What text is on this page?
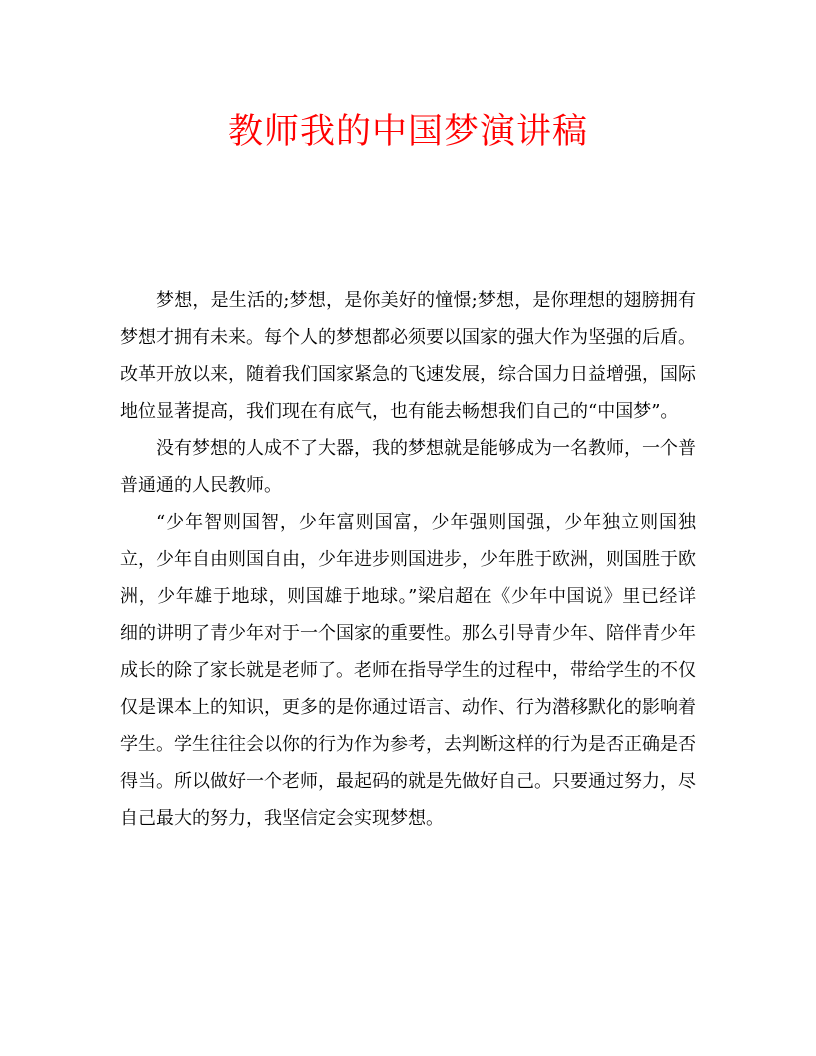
教师我的中国梦演讲稿

梦想，是生活的;梦想，是你美好的憧憬;梦想，是你理想的翅膀拥有梦想才拥有未来。每个人的梦想都必须要以国家的强大作为坚强的后盾。改革开放以来，随着我们国家紧急的飞速发展，综合国力日益增强，国际地位显著提高，我们现在有底气，也有能去畅想我们自己的“中国梦”。

没有梦想的人成不了大器，我的梦想就是能够成为一名教师，一个普普通通的人民教师。

“少年智则国智，少年富则国富，少年强则国强，少年独立则国独立，少年自由则国自由，少年进步则国进步，少年胜于欧洲，则国胜于欧洲，少年雄于地球，则国雄于地球。”梁启超在《少年中国说》里已经详细的讲明了青少年对于一个国家的重要性。那么引导青少年、陪伴青少年成长的除了家长就是老师了。老师在指导学生的过程中，带给学生的不仅仅是课本上的知识，更多的是你通过语言、动作、行为潜移默化的影响着学生。学生往往会以你的行为作为参考，去判断这样的行为是否正确是否得当。所以做好一个老师，最起码的就是先做好自己。只要通过努力，尽自己最大的努力，我坚信定会实现梦想。
